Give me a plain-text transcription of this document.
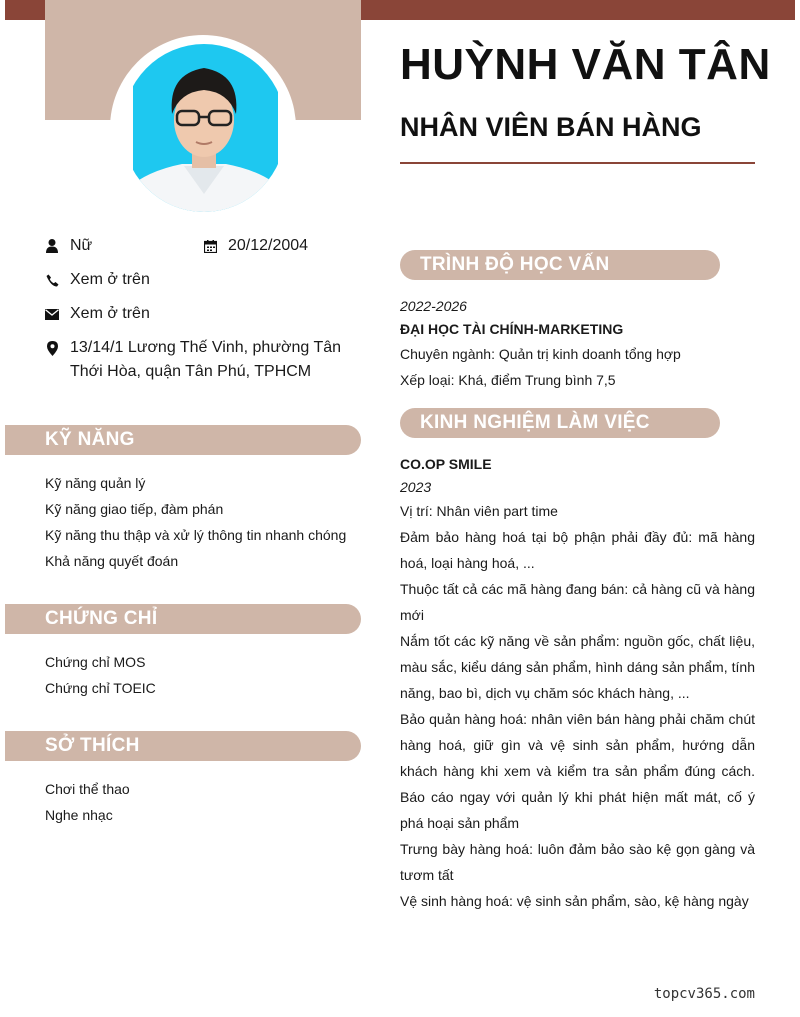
HUỲNH VĂN TÂN
NHÂN VIÊN BÁN HÀNG
Nữ	20/12/2004
Xem ở trên
Xem ở trên
13/14/1 Lương Thế Vinh, phường Tân
Thới Hòa, quận Tân Phú, TPHCM
KỸ NĂNG
Kỹ năng quản lý
Kỹ năng giao tiếp, đàm phán
Kỹ năng thu thập và xử lý thông tin nhanh chóng
Khả năng quyết đoán
CHỨNG CHỈ
Chứng chỉ MOS
Chứng chỉ TOEIC
SỞ THÍCH
Chơi thể thao
Nghe nhạc
TRÌNH ĐỘ HỌC VẤN
2022-2026
ĐẠI HỌC TÀI CHÍNH-MARKETING
Chuyên ngành: Quản trị kinh doanh tổng hợp
Xếp loại: Khá, điểm Trung bình 7,5
KINH NGHIỆM LÀM VIỆC
CO.OP SMILE
2023
Vị trí: Nhân viên part time
Đảm bảo hàng hoá tại bộ phận phải đầy đủ: mã hàng hoá, loại hàng hoá, ...
Thuộc tất cả các mã hàng đang bán: cả hàng cũ và hàng mới
Nắm tốt các kỹ năng về sản phẩm: nguồn gốc, chất liệu, màu sắc, kiểu dáng sản phẩm, hình dáng sản phẩm, tính năng, bao bì, dịch vụ chăm sóc khách hàng, ...
Bảo quản hàng hoá: nhân viên bán hàng phải chăm chút hàng hoá, giữ gìn và vệ sinh sản phẩm, hướng dẫn khách hàng khi xem và kiểm tra sản phẩm đúng cách. Báo cáo ngay với quản lý khi phát hiện mất mát, cố ý phá hoại sản phẩm
Trưng bày hàng hoá: luôn đảm bảo sào kệ gọn gàng và tươm tất
Vệ sinh hàng hoá: vệ sinh sản phẩm, sào, kệ hàng ngày
topcv365.com
